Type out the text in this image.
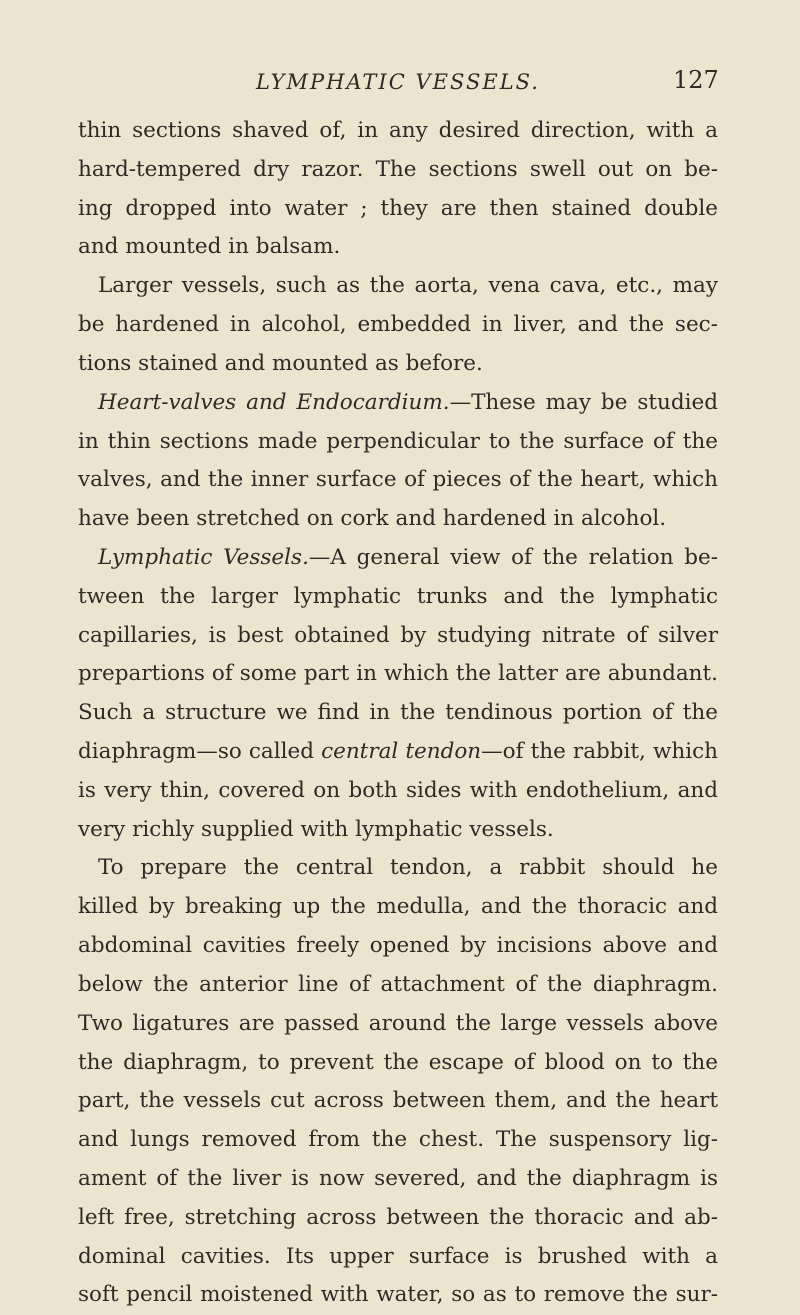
LYMPHATIC VESSELS.	127
thin sections shaved of, in any desired direction, with a
hard-tempered dry razor. The sections swell out on be-
ing dropped into water ; they are then stained double
and mounted in balsam.
Larger vessels, such as the aorta, vena cava, etc., may
be hardened in alcohol, embedded in liver, and the sec-
tions stained and mounted as before.
Heart-valves and Endocardium.—These may be studied
in thin sections made perpendicular to the surface of the
valves, and the inner surface of pieces of the heart, which
have been stretched on cork and hardened in alcohol.
Lymphatic Vessels.—A general view of the relation be-
tween the larger lymphatic trunks and the lymphatic
capillaries, is best obtained by studying nitrate of silver
prepartions of some part in which the latter are abundant.
Such a structure we find in the tendinous portion of the
diaphragm—so called central tendon—of the rabbit, which
is very thin, covered on both sides with endothelium, and
very richly supplied with lymphatic vessels.
To prepare the central tendon, a rabbit should he
killed by breaking up the medulla, and the thoracic and
abdominal cavities freely opened by incisions above and
below the anterior line of attachment of the diaphragm.
Two ligatures are passed around the large vessels above
the diaphragm, to prevent the escape of blood on to the
part, the vessels cut across between them, and the heart
and lungs removed from the chest. The suspensory lig-
ament of the liver is now severed, and the diaphragm is
left free, stretching across between the thoracic and ab-
dominal cavities. Its upper surface is brushed with a
soft pencil moistened with water, so as to remove the sur-
